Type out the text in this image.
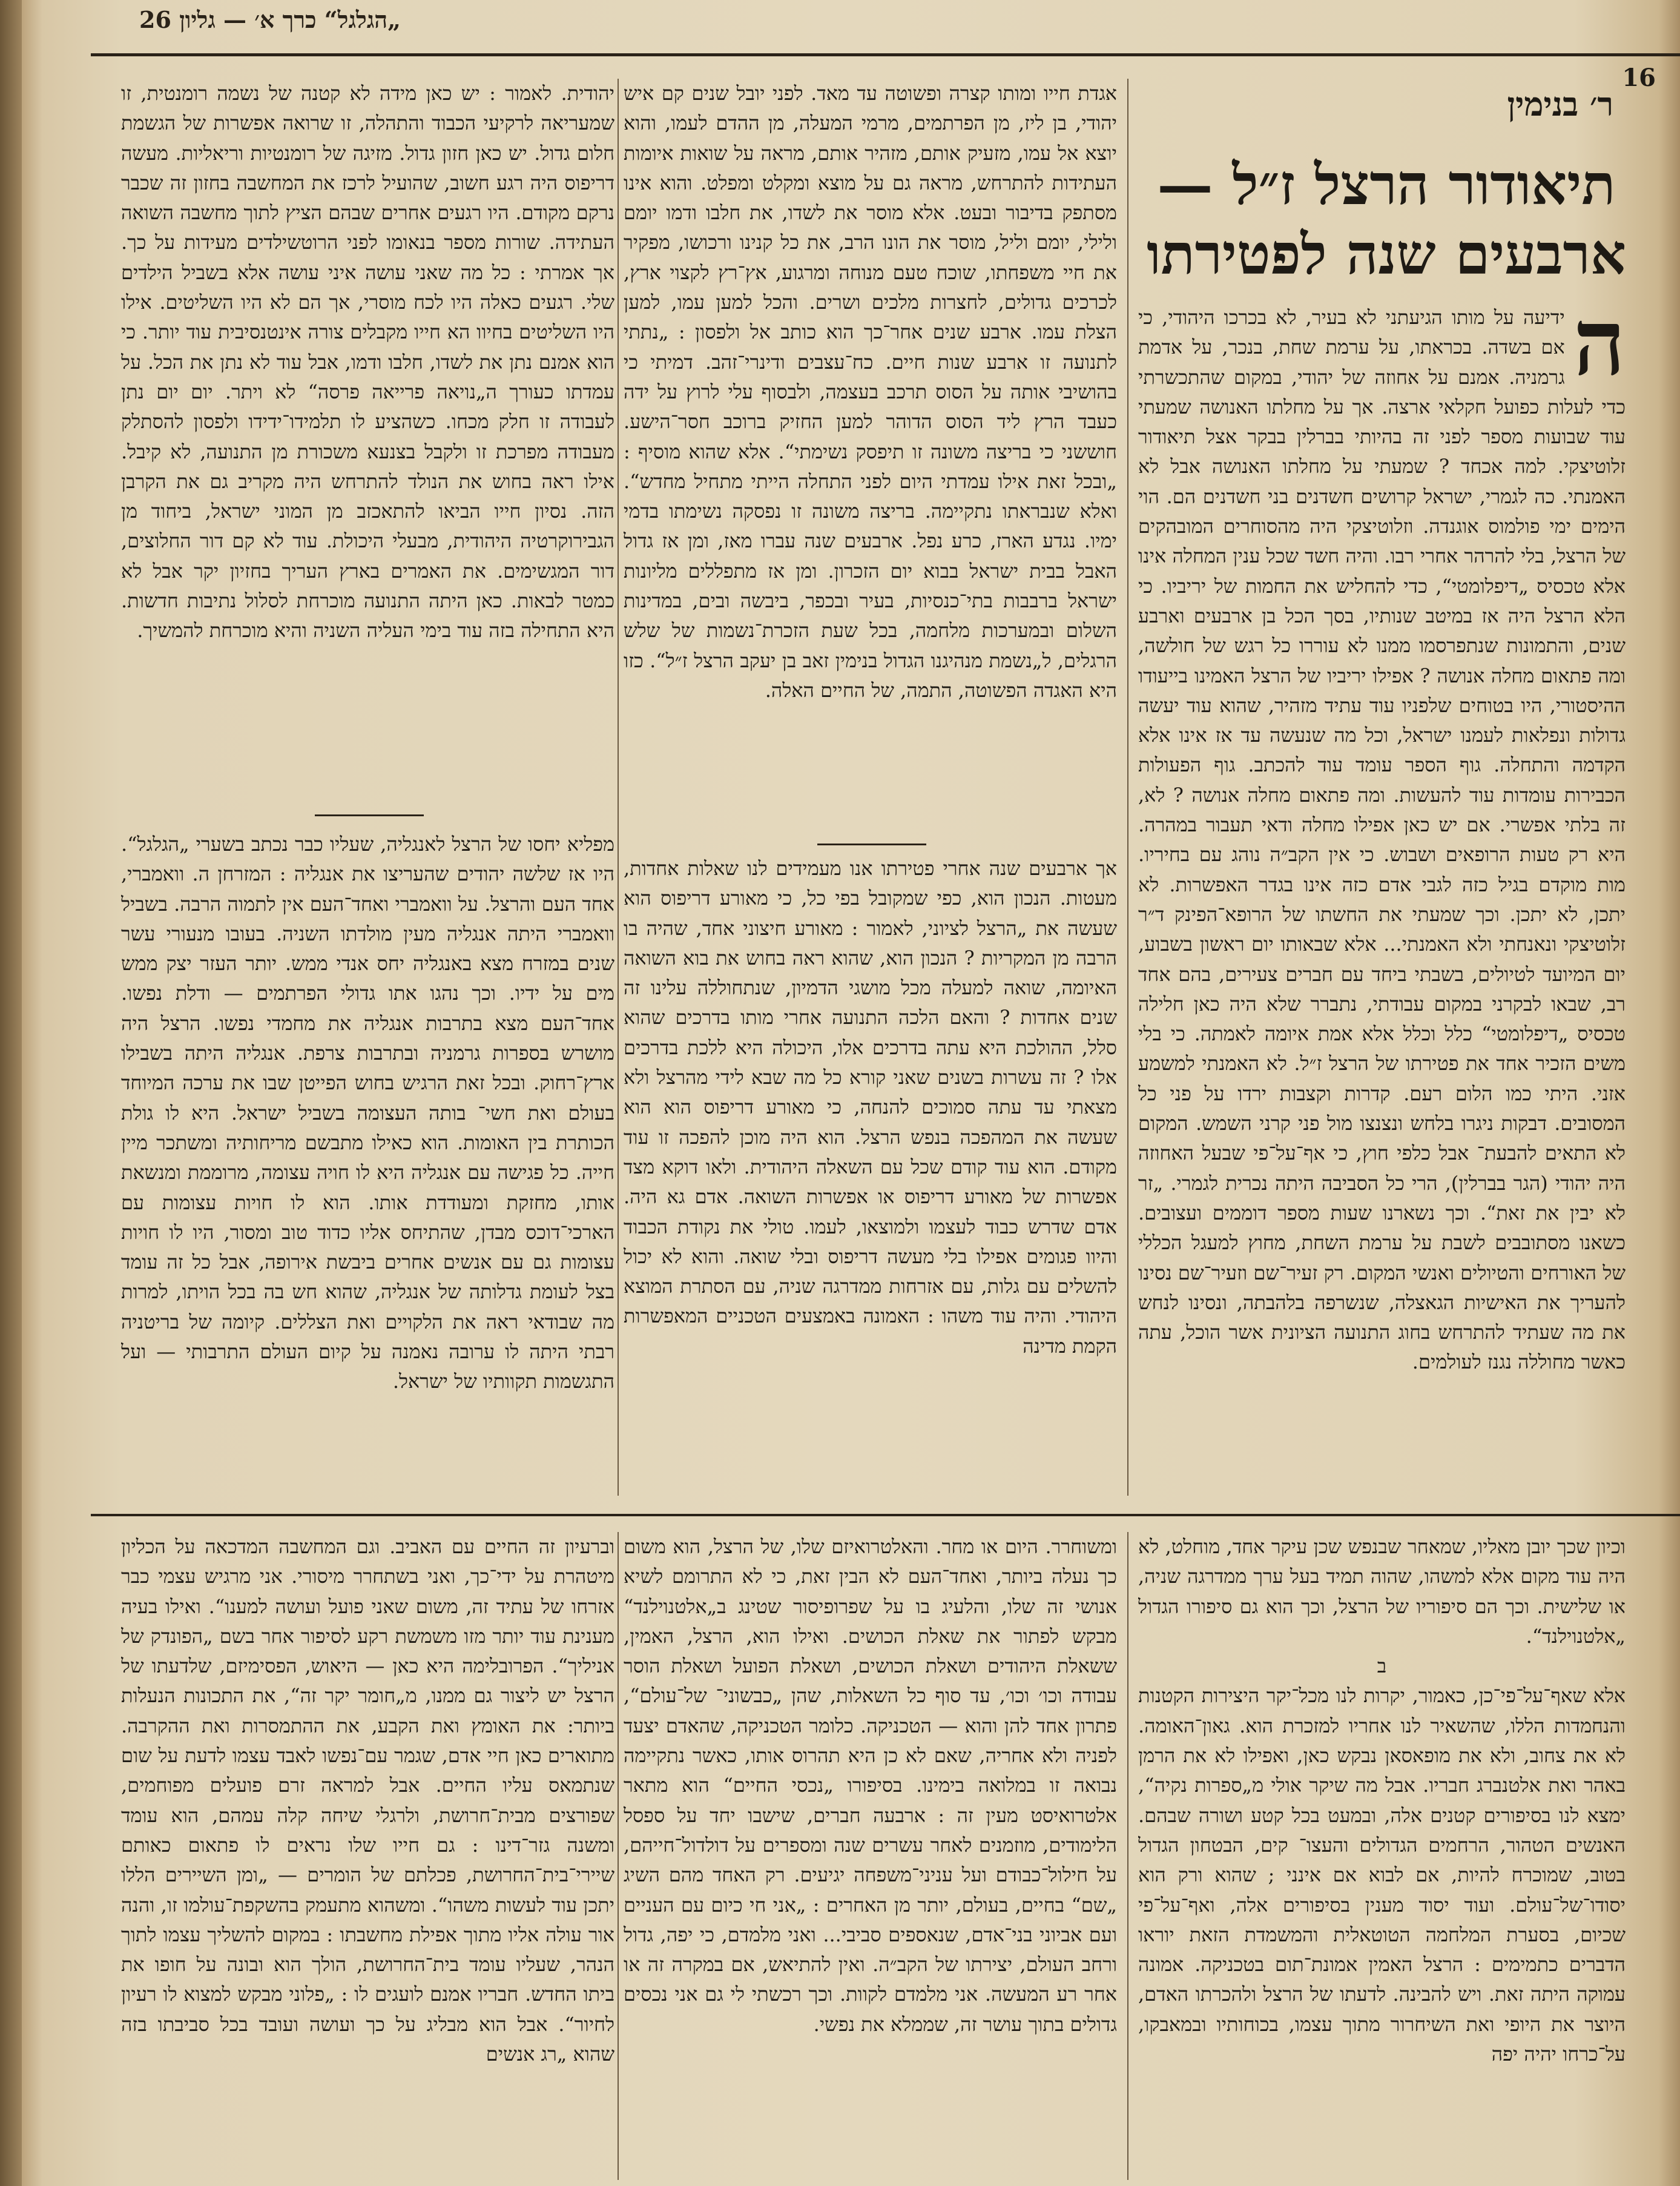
„הגלגל“ כרך א׳ — גליון 26
16
ר׳ בנימין
תיאודור הרצל ז״ל —
ארבעים שנה לפטירתו
ה

ידיעה על מותו הגיעתני לא בעיר, לא בכרכו היהודי, כי אם בשדה. בכראתו, על ערמת שחת, בנכר, על אדמת גרמניה. אמנם על אחוזה של יהודי, במקום שהתכשרתי כדי לעלות כפועל חקלאי ארצה. אך על מחלתו האנושה שמעתי עוד שבועות מספר לפני זה בהיותי בברלין בבקר אצל תיאודור זלוטיצקי. למה אכחד ? שמעתי על מחלתו האנושה אבל לא האמנתי. כה לגמרי, ישראל קרושים חשדנים בני חשדנים הם. הוי הימים ימי פולמוס אוגנדה. וזלוטיצקי היה מהסוחרים המובהקים של הרצל, בלי להרהר אחרי רבו. והיה חשד שכל ענין המחלה אינו אלא טכסיס „דיפלומטי“, כדי להחליש את החמות של יריביו. כי הלא הרצל היה אז במיטב שנותיו, בסך הכל בן ארבעים וארבע שנים, והתמונות שנתפרסמו ממנו לא עוררו כל רגש של חולשה, ומה פתאום מחלה אנושה ? אפילו יריביו של הרצל האמינו בייעודו ההיסטורי, היו בטוחים שלפניו עוד עתיד מזהיר, שהוא עוד יעשה גדולות ונפלאות לעמנו ישראל, וכל מה שנעשה עד אז אינו אלא הקדמה והתחלה. גוף הספר עומד עוד להכתב. גוף הפעולות הכבירות עומדות עוד להעשות. ומה פתאום מחלה אנושה ? לא, זה בלתי אפשרי. אם יש כאן אפילו מחלה ודאי תעבור במהרה. היא רק טעות הרופאים ושבוש. כי אין הקב״ה נוהג עם בחיריו. מות מוקדם בגיל כזה לגבי אדם כזה אינו בגדר האפשרות. לא יתכן, לא יתכן. וכך שמעתי את החשתו של הרופא־הפינק ד״ר זלוטיצקי ונאנחתי ולא האמנתי... אלא שבאותו יום ראשון בשבוע, יום המיועד לטיולים, בשבתי ביחד עם חברים צעירים, בהם אחד רב, שבאו לבקרני במקום עבודתי, נתברר שלא היה כאן חלילה טכסיס „דיפלומטי“ כלל וכלל אלא אמת איומה לאמתה. כי בלי משים הזכיר אחד את פטירתו של הרצל ז״ל. לא האמנתי למשמע אזני. היתי כמו הלום רעם. קדרות וקצבות ירדו על פני כל המסובים. דבקות ניגרו בלחש ונצנצו מול פני קרני השמש. המקום לא התאים להבעת־ אבל כלפי חוץ, כי אף־על־פי שבעל האחוזה היה יהודי (הגר בברלין), הרי כל הסביבה היתה נכרית לגמרי. „זר לא יבין את זאת“. וכך נשארנו שעות מספר דוממים ועצובים. כשאנו מסתובבים לשבת על ערמת השחת, מחוץ למעגל הכללי של האורחים והטיולים ואנשי המקום. רק זעיר־שם וזעיר־שם נסינו להעריך את האישיות הגאצלה, שנשרפה בלהבתה, ונסינו לנחש את מה שעתיד להתרחש בחוג התנועה הציונית אשר הוכל, עתה כאשר מחוללה נגנז לעולמים.

אגדת חייו ומותו קצרה ופשוטה עד מאד. לפני יובל שנים קם איש יהודי, בן ליז, מן הפרתמים, מרמי המעלה, מן ההדם לעמו, והוא יוצא אל עמו, מזעיק אותם, מזהיר אותם, מראה על שואות איומות העתידות להתרחש, מראה גם על מוצא ומקלט ומפלט. והוא אינו מסתפק בדיבור ובעט. אלא מוסר את לשדו, את חלבו ודמו יומם ולילי, יומם וליל, מוסר את הונו הרב, את כל קנינו ורכושו, מפקיר את חיי משפחתו, שוכח טעם מנוחה ומרגוע, אץ־רץ לקצוי ארץ, לכרכים גדולים, לחצרות מלכים ושרים. והכל למען עמו, למען הצלת עמו. ארבע שנים אחר־כך הוא כותב אל ולפסון : „נתתי לתנועה זו ארבע שנות חיים. כח־עצבים ודינרי־זהב. דמיתי כי בהושיבי אותה על הסוס תרכב בעצמה, ולבסוף עלי לרוץ על ידה כעבד הרץ ליד הסוס הדוהר למען החזיק ברוכב חסר־הישע. חוששני כי בריצה משונה זו תיפסק נשימתי“. אלא שהוא מוסיף : „ובכל זאת אילו עמדתי היום לפני התחלה הייתי מתחיל מחדש“. ואלא שנבראתו נתקיימה. בריצה משונה זו נפסקה נשימתו בדמי ימיו. נגדע הארז, כרע נפל. ארבעים שנה עברו מאז, ומן אז גדול האבל בבית ישראל בבוא יום הזכרון. ומן אז מתפללים מליונות ישראל ברבבות בתי־כנסיות, בעיר ובכפר, ביבשה ובים, במדינות השלום ובמערכות מלחמה, בכל שעת הזכרת־נשמות של שלש הרגלים, ל„נשמת מנהיגנו הגדול בנימין זאב בן יעקב הרצל ז״ל“. כזו היא האגדה הפשוטה, התמה, של החיים האלה.

אך ארבעים שנה אחרי פטירתו אנו מעמידים לנו שאלות אחדות, מעטות. הנכון הוא, כפי שמקובל בפי כל, כי מאורע דריפוס הוא שעשה את „הרצל לציוני, לאמור : מאורע חיצוני אחד, שהיה בו הרבה מן המקריות ? הנכון הוא, שהוא ראה בחוש את בוא השואה האיומה, שואה למעלה מכל מושגי הדמיון, שנתחוללה עלינו זה שנים אחדות ? והאם הלכה התנועה אחרי מותו בדרכים שהוא סלל, ההולכת היא עתה בדרכים אלו, היכולה היא ללכת בדרכים אלו ? זה עשרות בשנים שאני קורא כל מה שבא לידי מהרצל ולא מצאתי עד עתה סמוכים להנחה, כי מאורע דריפוס הוא הוא שעשה את המהפכה בנפש הרצל. הוא היה מוכן להפכה זו עוד מקודם. הוא עוד קודם שכל עם השאלה היהודית. ולאו דוקא מצד אפשרות של מאורע דריפוס או אפשרות השואה. אדם גא היה. אדם שדרש כבוד לעצמו ולמוצאו, לעמו. טולי את נקודת הכבוד והיוו פגומים אפילו בלי מעשה דריפוס ובלי שואה. והוא לא יכול להשלים עם גלות, עם אזרחות ממדרגה שניה, עם הסתרת המוצא היהודי. והיה עוד משהו : האמונה באמצעים הטכניים המאפשרות הקמת מדינה

יהודית. לאמור : יש כאן מידה לא קטנה של נשמה רומנטית, זו שמעריאה לרקיעי הכבוד והתהלה, זו שרואה אפשרות של הגשמת חלום גדול. יש כאן חזון גדול. מזיגה של רומנטיות וריאליות. מעשה דריפוס היה רגע חשוב, שהועיל לרכז את המחשבה בחזון זה שכבר נרקם מקודם. היו רגעים אחרים שבהם הציץ לתוך מחשבה השואה העתידה. שורות מספר בנאומו לפני הרוטשילדים מעידות על כך. אך אמרתי : כל מה שאני עושה איני עושה אלא בשביל הילדים שלי. רגעים כאלה היו לכח מוסרי, אך הם לא היו השליטים. אילו היו השליטים בחיוו הא חייו מקבלים צורה אינטנסיבית עוד יותר. כי הוא אמנם נתן את לשדו, חלבו ודמו, אבל עוד לא נתן את הכל. על עמדתו כעורך ה„נויאה פרייאה פרסה“ לא ויתר. יום יום נתן לעבודה זו חלק מכחו. כשהציע לו תלמידו־ידידו ולפסון להסתלק מעבודה מפרכת זו ולקבל בצנעא משכורת מן התנועה, לא קיבל. אילו ראה בחוש את הנולד להתרחש היה מקריב גם את הקרבן הזה. נסיון חייו הביאו להתאכזב מן המוני ישראל, ביחוד מן הגבירוקרטיה היהודית, מבעלי היכולת. עוד לא קם דור החלוצים, דור המגשימים. את האמרים בארץ העריך בחזיון יקר אבל לא כמטר לבאות. כאן היתה התנועה מוכרחת לסלול נתיבות חדשות. היא התחילה בזה עוד בימי העליה השניה והיא מוכרחת להמשיך.

מפליא יחסו של הרצל לאנגליה, שעליו כבר נכתב בשערי „הגלגל“. היו אז שלשה יהודים שהעריצו את אנגליה : המזרחן ה. וואמברי, אחד העם והרצל. על וואמברי ואחד־העם אין לתמוה הרבה. בשביל וואמברי היתה אנגליה מעין מולדתו השניה. בעובו מנעורי עשר שנים במזרח מצא באנגליה יחס אנדי ממש. יותר העזר יצק ממש מים על ידיו. וכך נהגו אתו גדולי הפרתמים — ודלת נפשו. אחד־העם מצא בתרבות אנגליה את מחמדי נפשו. הרצל היה מושרש בספרות גרמניה ובתרבות צרפת. אנגליה היתה בשבילו ארץ־רחוק. ובכל זאת הרגיש בחוש הפייטן שבו את ערכה המיוחד בעולם ואת חשי־ בותה העצומה בשביל ישראל. היא לו גולת הכותרת בין האומות. הוא כאילו מתבשם מריחותיה ומשתכר מיין חייה. כל פגישה עם אנגליה היא לו חויה עצומה, מרוממת ומנשאת אותו, מחזקת ומעודדת אותו. הוא לו חויות עצומות עם הארכי־דוכס מבדן, שהתיחס אליו כדוד טוב ומסור, היו לו חויות עצומות גם עם אנשים אחרים ביבשת אירופה, אבל כל זה עומד בצל לעומת גדלותה של אנגליה, שהוא חש בה בכל הויתו, למרות מה שבודאי ראה את הלקויים ואת הצללים. קיומה של בריטניה רבתי היתה לו ערובה נאמנה על קיום העולם התרבותי — ועל התגשמות תקוותיו של ישראל.

וכיון שכך יובן מאליו, שמאחר שבנפש שכן עיקר אחד, מוחלט, לא היה עוד מקום אלא למשהו, שהוה תמיד בעל ערך ממדרגה שניה, או שלישית. וכך הם סיפוריו של הרצל, וכך הוא גם סיפורו הגדול „אלטנוילנד“.

ב

אלא שאף־על־פי־כן, כאמור, יקרות לנו מכל־יקר היצירות הקטנות והנחמדות הללו, שהשאיר לנו אחריו למזכרת הוא. גאון־האומה. לא את צחוב, ולא את מופאסאן נבקש כאן, ואפילו לא את הרמן באהר ואת אלטנברג חבריו. אבל מה שיקר אולי מ„ספרות נקיה“, ימצא לנו בסיפורים קטנים אלה, ובמעט בכל קטע ושורה שבהם. האנשים הטהור, הרחמים הגדולים והעצו־ קים, הבטחון הגדול בטוב, שמוכרח להיות, אם לבוא אם אינני ; שהוא ורק הוא יסודו־של־עולם. ועוד יסוד מענין בסיפורים אלה, ואף־על־פי שכיום, בסערת המלחמה הטוטאלית והמשמדת הזאת יוראו הדברים כתמימים : הרצל האמין אמונת־תום בטכניקה. אמונה עמוקה היתה זאת. ויש להבינה. לדעתו של הרצל ולהכרתו האדם, היוצר את היופי ואת השיחרור מתוך עצמו, בכוחותיו ובמאבקו, על־כרחו יהיה יפה

ומשוחרר. היום או מחר. והאלטרואיזם שלו, של הרצל, הוא משום כך נעלה ביותר, ואחד־העם לא הבין זאת, כי לא התרומם לשיא אנושי זה שלו, והלעיג בו על שפרופיסור שטינג ב„אלטנוילנד“ מבקש לפתור את שאלת הכושים. ואילו הוא, הרצל, האמין, ששאלת היהודים ושאלת הכושים, ושאלת הפועל ושאלת הוסר עבודה וכו׳ וכו׳, עד סוף כל השאלות, שהן „כבשוני־ של־עולם“, פתרון אחד להן והוא — הטכניקה. כלומר הטכניקה, שהאדם יצעד לפניה ולא אחריה, שאם לא כן היא תהרוס אותו, כאשר נתקיימה נבואה זו במלואה בימינו. בסיפורו „נכסי החיים“ הוא מתאר אלטרואיסט מעין זה : ארבעה חברים, שישבו יחד על ספסל הלימודים, מוזמנים לאחר עשרים שנה ומספרים על דולדול־חייהם, על חילול־כבודם ועל עניני־משפחה יגיעים. רק האחד מהם השיג „שם“ בחיים, בעולם, יותר מן האחרים : „אני חי כיום עם העניים ועם אביוני בני־אדם, שנאספים סביבי... ואני מלמדם, כי יפה, גדול ורחב העולם, יצירתו של הקב״ה. ואין להתיאש, אם במקרה זה או אחר רע המעשה. אני מלמדם לקוות. וכך רכשתי לי גם אני נכסים גדולים בתוך עושר זה, שממלא את נפשי.

וברעיון זה החיים עם האביב. וגם המחשבה המדכאה על הכליון מיטהרת על ידי־כך, ואני בשתחרר מיסורי. אני מרגיש עצמי כבר אזרחו של עתיד זה, משום שאני פועל ועושה למענו“. ואילו בעיה מענינת עוד יותר מזו משמשת רקע לסיפור אחר בשם „הפונדק של אניליך“. הפרובלימה היא כאן — היאוש, הפסימיזם, שלדעתו של הרצל יש ליצור גם ממנו, מ„חומר יקר זה“, את התכונות הנעלות ביותר: את האומץ ואת הקבע, את ההתמסרות ואת ההקרבה. מתוארים כאן חיי אדם, שגמר עם־נפשו לאבד עצמו לדעת על שום שנתמאס עליו החיים. אבל למראה זרם פועלים מפוחמים, שפורצים מבית־חרושת, ולרגלי שיחה קלה עמהם, הוא עומד ומשנה גזר־דינו : גם חייו שלו נראים לו פתאום כאותם שיירי־בית־החרושת, פכלתם של הומרים — „ומן השיירים הללו יתכן עוד לעשות משהו“. ומשהוא מתעמק בהשקפת־עולמו זו, והנה אור עולה אליו מתוך אפילת מחשבתו : במקום להשליך עצמו לתוך הנהר, שעליו עומד בית־החרושת, הולך הוא ובונה על חופו את ביתו החדש. חבריו אמנם לועגים לו : „פלוני מבקש למצוא לו רעיון לחיור“. אבל הוא מבליג על כך ועושה ועובד בכל סביבתו בזה שהוא „רג אנשים
